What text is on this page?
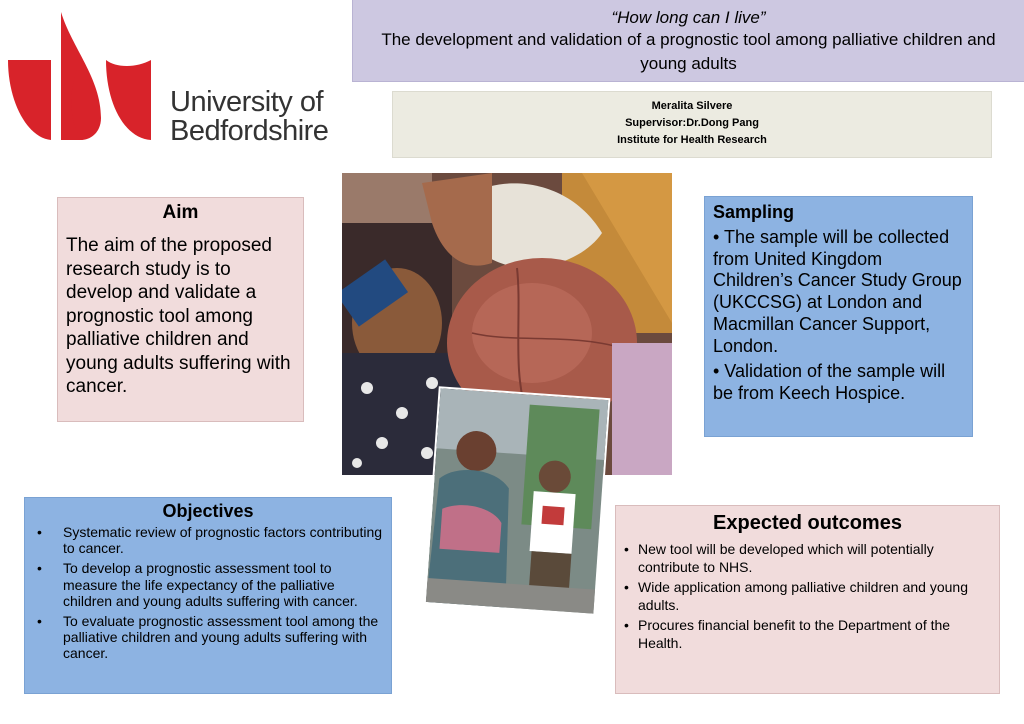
University of
Bedfordshire
“How long can I live”
The development and validation of a prognostic tool among palliative children and young adults
Meralita Silvere
Supervisor:Dr.Dong Pang
Institute for Health Research
Aim

The aim of the proposed research study is to develop and validate a prognostic tool among palliative children and young adults suffering with cancer.

Sampling

• The sample will be collected from United Kingdom Children’s Cancer Study Group (UKCCSG) at London and Macmillan Cancer Support, London.

• Validation of the sample will be from Keech Hospice.

Objectives
• Systematic review of prognostic factors contributing to cancer.
• To develop a prognostic assessment tool to measure the life expectancy of the palliative children and young adults suffering with cancer.
• To evaluate prognostic assessment tool among the palliative children and young adults suffering with cancer.
Expected outcomes
• New tool will be developed which will potentially contribute to NHS.
• Wide application among palliative children and young adults.
• Procures financial benefit to the Department of the Health.
